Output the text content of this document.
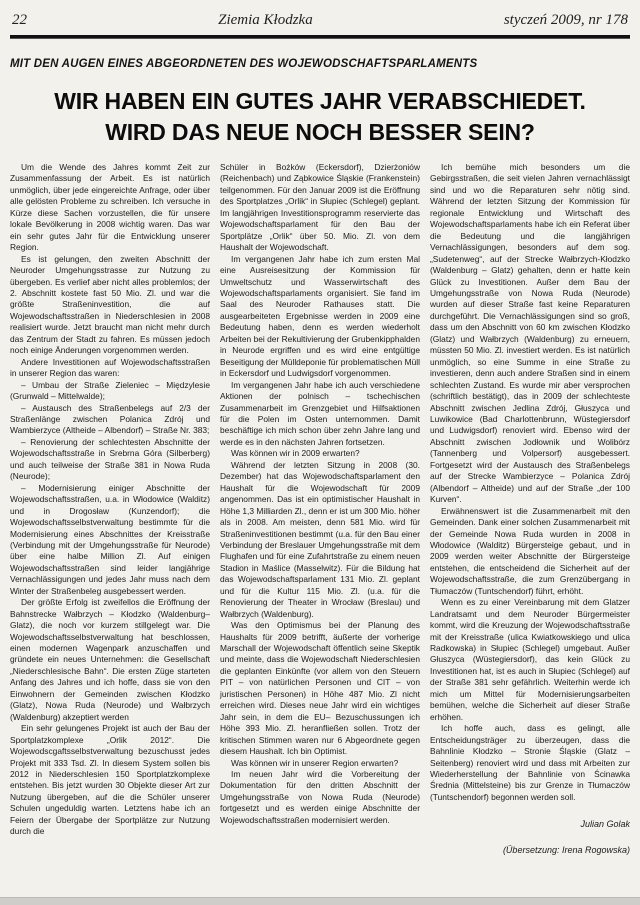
22	Ziemia Kłodzka	styczeń 2009, nr 178
MIT DEN AUGEN EINES ABGEORDNETEN DES WOJEWODSCHAFTSPARLAMENTS
WIR HABEN EIN GUTES JAHR VERABSCHIEDET.
WIRD DAS NEUE NOCH BESSER SEIN?

Um die Wende des Jahres kommt Zeit zur Zusammenfassung der Arbeit. Es ist natürlich unmöglich, über jede eingereichte Anfrage, oder über alle gelösten Probleme zu schreiben. Ich versuche in Kürze diese Sachen vorzustellen, die für unsere lokale Bevölkerung in 2008 wichtig waren. Das war ein sehr gutes Jahr für die Entwicklung unserer Region.

Es ist gelungen, den zweiten Abschnitt der Neuroder Umgehungsstrasse zur Nutzung zu übergeben. Es verlief aber nicht alles problemlos; der 2. Abschnitt kostete fast 50 Mio. Zl. und war die größte Straßeninvestition, die auf Wojewodschaftsstraßen in Niederschlesien in 2008 realisiert wurde. Jetzt braucht man nicht mehr durch das Zentrum der Stadt zu fahren. Es müssen jedoch noch einige Änderungen vorgenommen werden.

Andere Investitionen auf Wojewodschaftsstraßen in unserer Region das waren:

– Umbau der Straße Zieleniec – Międzylesie (Grunwald – Mittelwalde);

– Austausch des Straßenbelegs auf 2/3 der Straßenlänge zwischen Polanica Zdrój und Wambierzyce (Altheide – Albendorf) – Straße Nr. 383;

– Renovierung der schlechtesten Abschnitte der Wojewodschaftsstraße in Srebrna Góra (Silberberg) und auch teilweise der Straße 381 in Nowa Ruda (Neurode);

– Modernisierung einiger Abschnitte der Wojewodschaftsstraßen, u.a. in Włodowice (Walditz) und in Drogosław (Kunzendorf); die Wojewodschaftsselbstverwaltung bestimmte für die Modernisierung eines Abschnittes der Kreisstraße (Verbindung mit der Umgehungsstraße für Neurode) über eine halbe Million Zl. Auf einigen Wojewodschaftsstraßen sind leider langjährige Vernachlässigungen und jedes Jahr muss nach dem Winter der Straßenbeleg ausgebessert werden.

Der größte Erfolg ist zweifellos die Eröffnung der Bahnstrecke Wałbrzych – Kłodzko (Waldenburg–Glatz), die noch vor kurzem stillgelegt war. Die Wojewodschaftsselbstverwaltung hat beschlossen, einen modernen Wagenpark anzuschaffen und gründete ein neues Unternehmen: die Gesellschaft „Niederschlesische Bahn“. Die ersten Züge starteten Anfang des Jahres und ich hoffe, dass sie von den Einwohnern der Gemeinden zwischen Kłodzko (Glatz), Nowa Ruda (Neurode) und Wałbrzych (Waldenburg) akzeptiert werden

Ein sehr gelungenes Projekt ist auch der Bau der Sportplatzkomplexe „Orlik 2012“. Die Wojewodscgaftsselbstverwaltung bezuschusst jedes Projekt mit 333 Tsd. Zl. In diesem System sollen bis 2012 in Niederschlesien 150 Sportplatzkomplexe entstehen. Bis jetzt wurden 30 Objekte dieser Art zur Nutzung übergeben, auf die die Schüler unserer Schulen ungeduldig warten. Letztens habe ich an Feiern der Übergabe der Sportplätze zur Nutzung durch die

Schüler in Bożków (Eckersdorf), Dzierżoniów (Reichenbach) und Ząbkowice Śląskie (Frankenstein) teilgenommen. Für den Januar 2009 ist die Eröffnung des Sportplatzes „Orlik“ in Słupiec (Schlegel) geplant. Im langjährigen Investitionsprogramm reservierte das Wojewodschaftsparlament für den Bau der Sportplätze „Orlik“ über 50. Mio. Zl. von dem Haushalt der Wojewodschaft.

Im vergangenen Jahr habe ich zum ersten Mal eine Ausreisesitzung der Kommission für Umweltschutz und Wasserwirtschaft des Wojewodschaftsparlaments organisiert. Sie fand im Saal des Neuroder Rathauses statt. Die ausgearbeiteten Ergebnisse werden in 2009 eine Bedeutung haben, denn es werden wiederholt Arbeiten bei der Rekultivierung der Grubenkipphalden in Neurode ergriffen und es wird eine entgültige Beseitigung der Mülldeponie für problematischen Müll in Eckersdorf und Ludwigsdorf vorgenommen.

Im vergangenen Jahr habe ich auch verschiedene Aktionen der polnisch – tschechischen Zusammenarbeit im Grenzgebiet und Hilfsaktionen für die Polen im Osten unternommen. Damit beschäftige ich mich schon über zehn Jahre lang und werde es in den nächsten Jahren fortsetzen.

Was können wir in 2009 erwarten?

Während der letzten Sitzung in 2008 (30. Dezember) hat das Wojewodschaftsparlament den Haushalt für die Wojewodschaft für 2009 angenommen. Das ist ein optimistischer Haushalt in Höhe 1,3 Milliarden Zl., denn er ist um 300 Mio. höher als in 2008. Am meisten, denn 581 Mio. wird für Straßeninvestitionen bestimmt (u.a. für den Bau einer Verbindung der Breslauer Umgehungsstraße mit dem Flughafen und für eine Zufahrtstraße zu einem neuen Stadion in Maślice (Masselwitz). Für die Bildung hat das Wojewodschaftsparlament 131 Mio. Zl. geplant und für die Kultur 115 Mio. Zl. (u.a. für die Renovierung der Theater in Wrocław (Breslau) und Wałbrzych (Waldenburg).

Was den Optimismus bei der Planung des Haushalts für 2009 betrifft, äußerte der vorherige Marschall der Wojewodschaft öffentlich seine Skeptik und meinte, dass die Wojewodschaft Niederschlesien die geplanten Einkünfte (vor allem von den Steuern PIT – von natürlichen Personen und CIT – von juristischen Personen) in Höhe 487 Mio. Zl nicht erreichen wird. Dieses neue Jahr wird ein wichtiges Jahr sein, in dem die EU– Bezuschussungen ich Höhe 393 Mio. Zl. heranfließen sollen. Trotz der kritischen Stimmen waren nur 6 Abgeordnete gegen diesem Haushalt. Ich bin Optimist.

Was können wir in unserer Region erwarten?

Im neuen Jahr wird die Vorbereitung der Dokumentation für den dritten Abschnitt der Umgehungsstraße von Nowa Ruda (Neurode) fortgesetzt und es werden einige Abschnitte der Wojewodschaftsstraßen modernisiert werden.

Ich bemühe mich besonders um die Gebirgsstraßen, die seit vielen Jahren vernachlässigt sind und wo die Reparaturen sehr nötig sind. Während der letzten Sitzung der Kommission für regionale Entwicklung und Wirtschaft des Wojewodschaftsparlaments habe ich ein Referat über die Bedeutung und die langjährigen Vernachlässigungen, besonders auf dem sog. „Sudetenweg“, auf der Strecke Wałbrzych-Kłodzko (Waldenburg – Glatz) gehalten, denn er hatte kein Glück zu Investitionen. Außer dem Bau der Umgehungsstraße von Nowa Ruda (Neurode) wurden auf dieser Straße fast keine Reparaturen durchgeführt. Die Vernachlässigungen sind so groß, dass um den Abschnitt von 60 km zwischen Kłodzko (Glatz) und Wałbrzych (Waldenburg) zu erneuern, müssten 50 Mio. Zl. investiert werden. Es ist natürlich unmöglich, so eine Summe in eine Straße zu investieren, denn auch andere Straßen sind in einem schlechten Zustand. Es wurde mir aber versprochen (schriftlich bestätigt), das in 2009 der schlechteste Abschnitt zwischen Jedlina Zdrój, Głuszyca und Luwikowice (Bad Charlottenbrunn, Wüstegiersdorf und Ludwigsdorf) renoviert wird. Ebenso wird der Abschnitt zwischen Jodłownik und Wolibórz (Tannenberg und Volpersorf) ausgebessert. Fortgesetzt wird der Austausch des Straßenbelegs auf der Strecke Wambierzyce – Polanica Zdrój (Albendorf – Altheide) und auf der Straße „der 100 Kurven“.

Erwähnenswert ist die Zusammenarbeit mit den Gemeinden. Dank einer solchen Zusammenarbeit mit der Gemeinde Nowa Ruda wurden in 2008 in Włodowice (Walditz) Bürgersteige gebaut, und in 2009 werden weiter Abschnitte der Bürgersteige entstehen, die entscheidend die Sicherheit auf der Wojewodschaftsstraße, die zum Grenzübergang in Tłumaczów (Tuntschendorf) führt, erhöht.

Wenn es zu einer Vereinbarung mit dem Glatzer Landratsamt und dem Neuroder Bürgermeister kommt, wird die Kreuzung der Wojewodschaftsstraße mit der Kreisstraße (ulica Kwiatkowskiego und ulica Radkowska) in Słupiec (Schlegel) umgebaut. Außer Głuszyca (Wüstegiersdorf), das kein Glück zu Investitionen hat, ist es auch in Słupiec (Schlegel) auf der Straße 381 sehr gefährlich. Weiterhin werde ich mich um Mittel für Modernisierungsarbeiten bemühen, welche die Sicherheit auf dieser Straße erhöhen.

Ich hoffe auch, dass es gelingt, alle Entscheidungsträger zu überzeugen, dass die Bahnlinie Kłodzko – Stronie Śląskie (Glatz – Seitenberg) renoviert wird und dass mit Arbeiten zur Wiederherstellung der Bahnlinie von Ścinawka Średnia (Mittelsteine) bis zur Grenze in Tłumaczów (Tuntschendorf) begonnen werden soll.

Julian Golak
(Übersetzung: Irena Rogowska)
